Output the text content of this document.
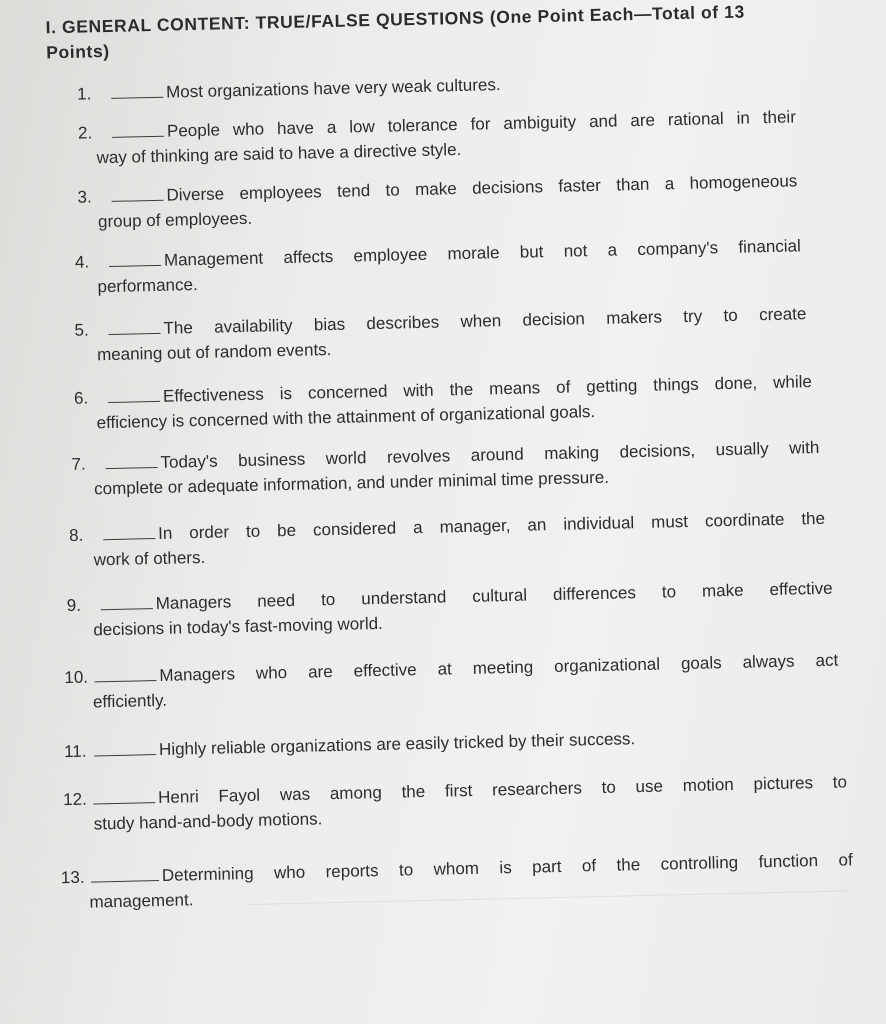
I. GENERAL CONTENT: TRUE/FALSE QUESTIONS (One Point Each—Total of 13
Points)
1.	Most organizations have very weak cultures.
2.	People who have a low tolerance for ambiguity and are rational in their
way of thinking are said to have a directive style.
3.	Diverse employees tend to make decisions faster than a homogeneous
group of employees.
4.	Management affects employee morale but not a company's financial
performance.
5.	The availability bias describes when decision makers try to create
meaning out of random events.
6.	Effectiveness is concerned with the means of getting things done, while
efficiency is concerned with the attainment of organizational goals.
7.	Today's business world revolves around making decisions, usually with
complete or adequate information, and under minimal time pressure.
8.	In order to be considered a manager, an individual must coordinate the
work of others.
9.	Managers need to understand cultural differences to make effective
decisions in today's fast-moving world.
10.	Managers who are effective at meeting organizational goals always act
efficiently.
11.	Highly reliable organizations are easily tricked by their success.
12.	Henri Fayol was among the first researchers to use motion pictures to
study hand-and-body motions.
13.	Determining who reports to whom is part of the controlling function of
management.
